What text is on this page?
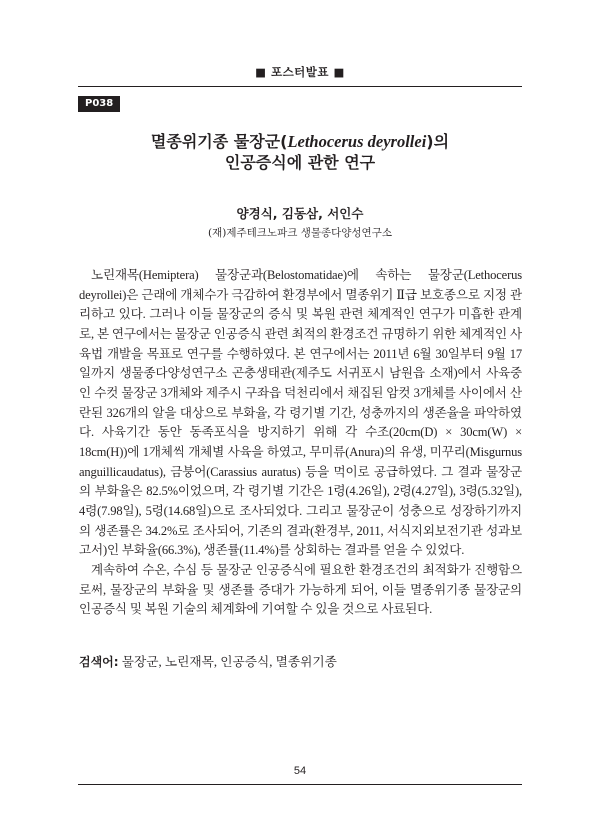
■ 포스터발표 ■
P038
멸종위기종 물장군(Lethocerus deyrollei)의
인공증식에 관한 연구
양경식, 김동삼, 서인수
(재)제주테크노파크 생물종다양성연구소

노린재목(Hemiptera) 물장군과(Belostomatidae)에 속하는 물장군(Lethocerus deyrollei)은 근래에 개체수가 극감하여 환경부에서 멸종위기 Ⅱ급 보호종으로 지정 관리하고 있다. 그러나 이들 물장군의 증식 및 복원 관련 체계적인 연구가 미흡한 관계로, 본 연구에서는 물장군 인공증식 관련 최적의 환경조건 규명하기 위한 체계적인 사육법 개발을 목표로 연구를 수행하였다. 본 연구에서는 2011년 6월 30일부터 9월 17일까지 생물종다양성연구소 곤충생태관(제주도 서귀포시 남원읍 소재)에서 사육중인 수컷 물장군 3개체와 제주시 구좌읍 덕천리에서 채집된 암컷 3개체를 사이에서 산란된 326개의 알을 대상으로 부화율, 각 령기별 기간, 성충까지의 생존율을 파악하였다. 사육기간 동안 동족포식을 방지하기 위해 각 수조(20cm(D) × 30cm(W) × 18cm(H))에 1개체씩 개체별 사육을 하였고, 무미류(Anura)의 유생, 미꾸리(Misgurnus anguillicaudatus), 금붕어(Carassius auratus) 등을 먹이로 공급하였다. 그 결과 물장군의 부화율은 82.5%이었으며, 각 령기별 기간은 1령(4.26일), 2령(4.27일), 3령(5.32일), 4령(7.98일), 5령(14.68일)으로 조사되었다. 그리고 물장군이 성충으로 성장하기까지의 생존률은 34.2%로 조사되어, 기존의 결과(환경부, 2011, 서식지외보전기관 성과보고서)인 부화율(66.3%), 생존률(11.4%)를 상회하는 결과를 얻을 수 있었다.

계속하여 수온, 수심 등 물장군 인공증식에 필요한 환경조건의 최적화가 진행함으로써, 물장군의 부화율 및 생존률 증대가 가능하게 되어, 이들 멸종위기종 물장군의 인공증식 및 복원 기술의 체계화에 기여할 수 있을 것으로 사료된다.

검색어: 물장군, 노린재목, 인공증식, 멸종위기종
54
